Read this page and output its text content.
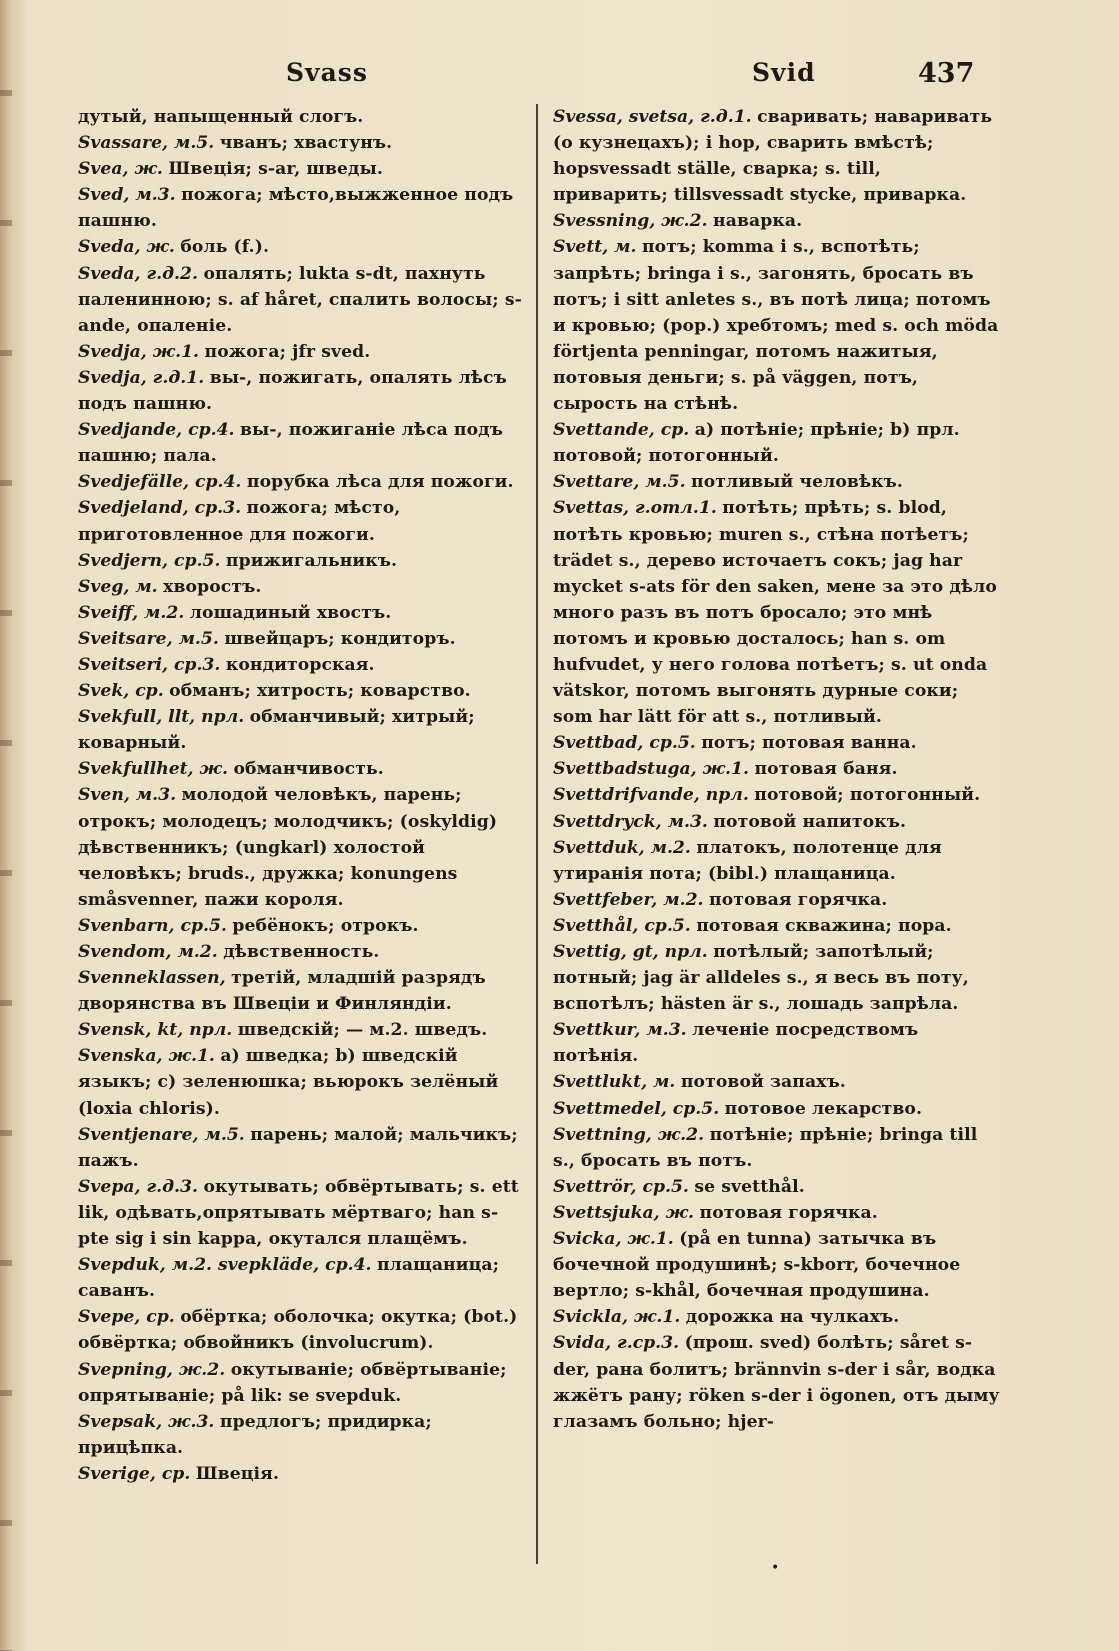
Svass	Svid	437

дутый, напыщенный слогъ.

Svassare, м.5. чванъ; хвастунъ.

Svea, ж. Швеція; s-ar, шведы.

Sved, м.3. пожога; мѣсто,выжженное подъ пашню.

Sveda, ж. боль (f.).

Sveda, г.д.2. опалять; lukta s-dt, пахнуть паленинною; s. af håret, спалить волосы; s-ande, опаленіе.

Svedja, ж.1. пожога; jfr sved.

Svedja, г.д.1. вы-, пожигать, опалять лѣсъ подъ пашню.

Svedjande, ср.4. вы-, пожиганіе лѣса подъ пашню; пала.

Svedjefälle, ср.4. порубка лѣса для пожоги.

Svedjeland, ср.3. пожога; мѣсто, приготовленное для пожоги.

Svedjern, ср.5. прижигальникъ.

Sveg, м. хворостъ.

Sveiff, м.2. лошадиный хвостъ.

Sveitsare, м.5. швейцаръ; кондиторъ.

Sveitseri, ср.3. кондиторская.

Svek, ср. обманъ; хитрость; коварство.

Svekfull, llt, прл. обманчивый; хитрый; коварный.

Svekfullhet, ж. обманчивость.

Sven, м.3. молодой человѣкъ, парень; отрокъ; молодецъ; молодчикъ; (oskyldig) дѣвственникъ; (ungkarl) холостой человѣкъ; bruds., дружка; konungens småsvenner, пажи короля.

Svenbarn, ср.5. ребёнокъ; отрокъ.

Svendom, м.2. дѣвственность.

Svenneklassen, третій, младшій разрядъ дворянства въ Швеціи и Финляндіи.

Svensk, kt, прл. шведскій; — м.2. шведъ.

Svenska, ж.1. a) шведка; b) шведскій языкъ; c) зеленюшка; вьюрокъ зелёный (loxia chloris).

Sventjenare, м.5. парень; малой; мальчикъ; пажъ.

Svepa, г.д.3. окутывать; обвёртывать; s. ett lik, одѣвать,опрятывать мёртваго; han s-pte sig i sin kappa, окутался плащёмъ.

Svepduk, м.2. svepkläde, ср.4. плащаница; саванъ.

Svepe, ср. обёртка; оболочка; окутка; (bot.) обвёртка; обвойникъ (involucrum).

Svepning, ж.2. окутываніе; обвёртываніе; опрятываніе; på lik: se svepduk.

Svepsak, ж.3. предлогъ; придирка; прицѣпка.

Sverige, ср. Швеція.

Svessa, svetsa, г.д.1. сваривать; наваривать (о кузнецахъ); i hop, сварить вмѣстѣ; hopsvessadt ställe, сварка; s. till, приварить; tillsvessadt stycke, приварка.

Svessning, ж.2. наварка.

Svett, м. потъ; komma i s., вспотѣть; запрѣть; bringa i s., загонять, бросать въ потъ; i sitt anletes s., въ потѣ лица; потомъ и кровью; (рор.) хребтомъ; med s. och möda förtjenta penningar, потомъ нажитыя, потовыя деньги; s. på väggen, потъ, сырость на стѣнѣ.

Svettande, ср. a) потѣніе; прѣніе; b) прл. потовой; потогонный.

Svettare, м.5. потливый человѣкъ.

Svettas, г.отл.1. потѣть; прѣть; s. blod, потѣть кровью; muren s., стѣна потѣетъ; trädet s., дерево источаетъ сокъ; jag har mycket s-ats för den saken, мене за это дѣло много разъ въ потъ бросало; это мнѣ потомъ и кровью досталось; han s. om hufvudet, у него голова потѣетъ; s. ut onda vätskor, потомъ выгонять дурные соки; som har lätt för att s., потливый.

Svettbad, ср.5. потъ; потовая ванна.

Svettbadstuga, ж.1. потовая баня.

Svettdrifvande, прл. потовой; потогонный.

Svettdryck, м.3. потовой напитокъ.

Svettduk, м.2. платокъ, полотенце для утиранія пота; (bibl.) плащаница.

Svettfeber, м.2. потовая горячка.

Svetthål, ср.5. потовая скважина; пора.

Svettig, gt, прл. потѣлый; запотѣлый; потный; jag är alldeles s., я весь въ поту, вспотѣлъ; hästen är s., лошадь запрѣла.

Svettkur, м.3. леченіе посредствомъ потѣнія.

Svettlukt, м. потовой запахъ.

Svettmedel, ср.5. потовое лекарство.

Svettning, ж.2. потѣніе; прѣніе; bringa till s., бросать въ потъ.

Svettrör, ср.5. se svetthål.

Svettsjuka, ж. потовая горячка.

Svicka, ж.1. (på en tunna) затычка въ бочечной продушинѣ; s-kborr, бочечное вертло; s-khål, бочечная продушина.

Svickla, ж.1. дорожка на чулкахъ.

Svida, г.ср.3. (прош. sved) болѣть; såret s-der, рана болитъ; brännvin s-der i sår, водка жжётъ рану; röken s-der i ögonen, отъ дыму глазамъ больно; hjer-

•
